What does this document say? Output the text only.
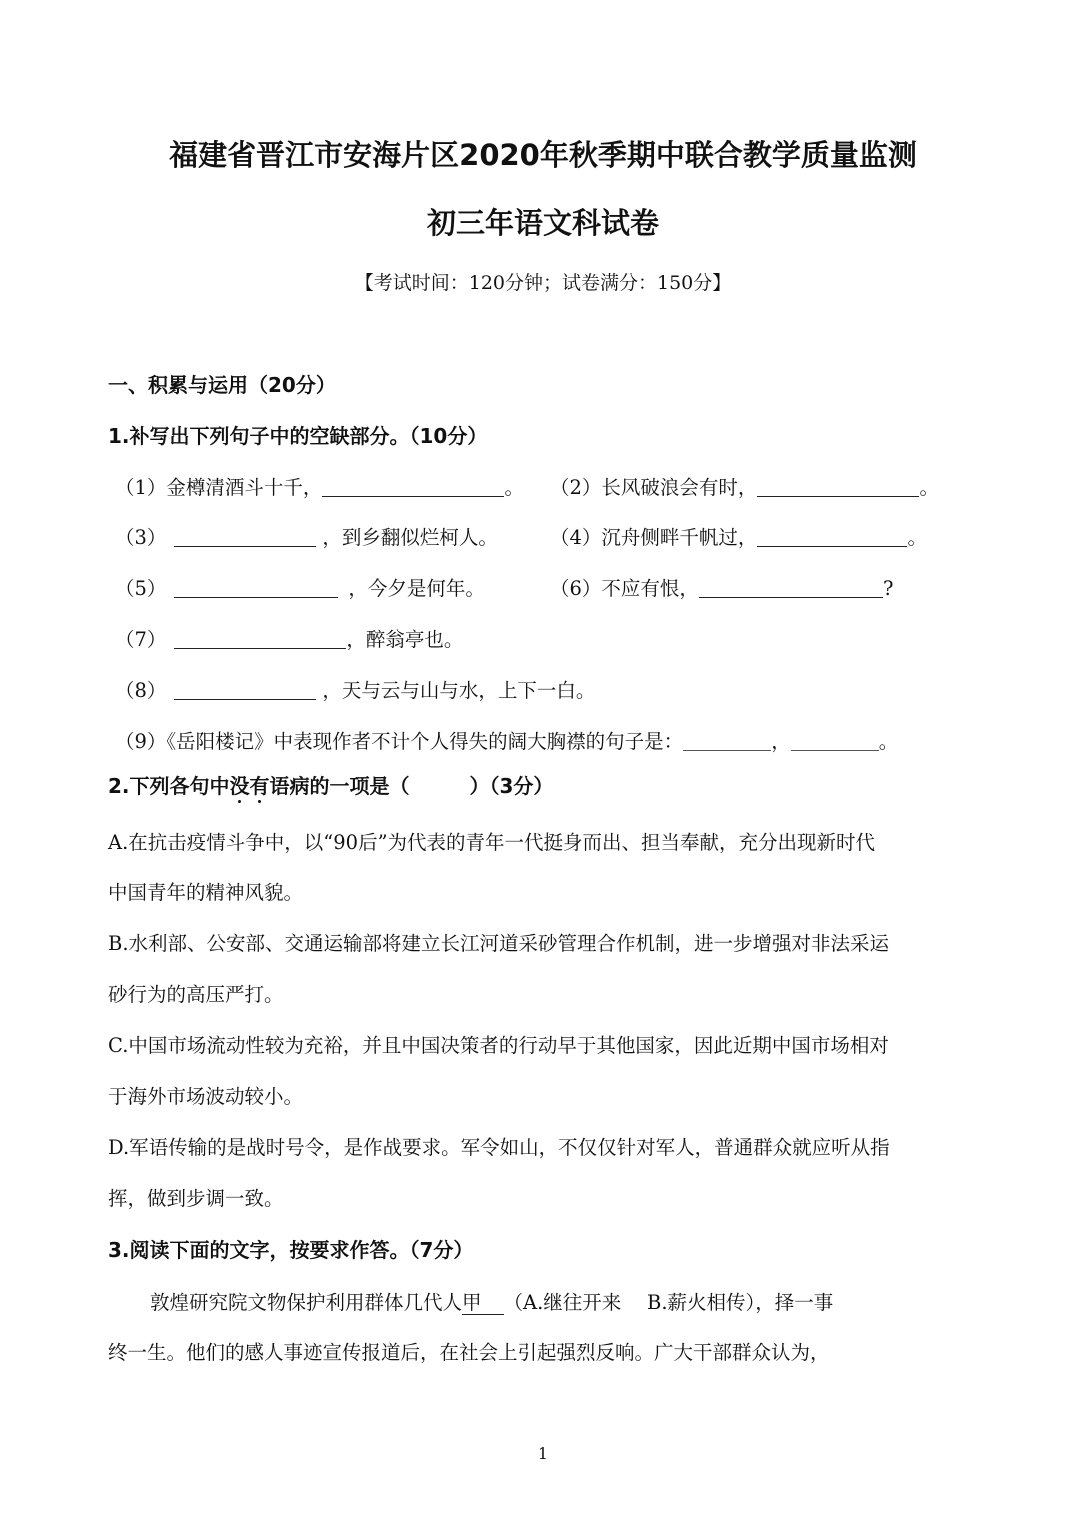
福建省晋江市安海片区2020年秋季期中联合教学质量监测
初三年语文科试卷
【考试时间：120分钟；试卷满分：150分】
一、积累与运用（20分）
1.补写出下列句子中的空缺部分。（10分）
（1）金樽清酒斗十千，	。 （2）长风破浪会有时，	。
（3）	，到乡翻似烂柯人。	（4）沉舟侧畔千帆过，	。
（5）	，今夕是何年。	（6）不应有恨，	?
（7）	，醉翁亭也。
（8）	，天与云与山与水，上下一白。
（9）《岳阳楼记》中表现作者不计个人得失的阔大胸襟的句子是：	，	。
2.下列各句中没有语病的一项是（　　　）（3分）
A.在抗击疫情斗争中，以“90后”为代表的青年一代挺身而出、担当奉献，充分出现新时代
中国青年的精神风貌。
B.水利部、公安部、交通运输部将建立长江河道采砂管理合作机制，进一步增强对非法采运
砂行为的高压严打。
C.中国市场流动性较为充裕，并且中国决策者的行动早于其他国家，因此近期中国市场相对
于海外市场波动较小。
D.军语传输的是战时号令，是作战要求。军令如山，不仅仅针对军人，普通群众就应听从指
挥，做到步调一致。
3.阅读下面的文字，按要求作答。（7分）
敦煌研究院文物保护利用群体几代人甲 （A.继往开来　 B.薪火相传），择一事
终一生。他们的感人事迹宣传报道后，在社会上引起强烈反响。广大干部群众认为，
1
